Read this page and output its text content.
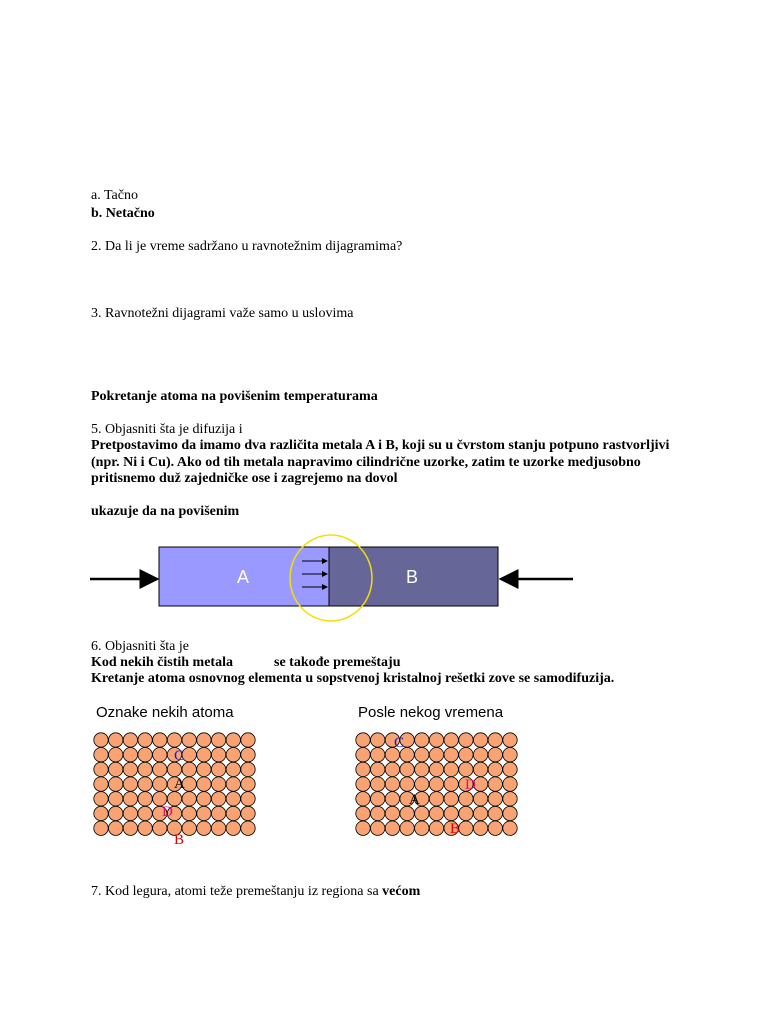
a. Tačno
b. Netačno
2. Da li je vreme sadržano u ravnotežnim dijagramima?
3. Ravnotežni dijagrami važe samo u uslovima
Pokretanje atoma na povišenim temperaturama
5. Objasniti šta je difuzija i
Pretpostavimo da imamo dva različita metala A i B, koji su u čvrstom stanju potpuno rastvorljivi
(npr. Ni i Cu). Ako od tih metala napravimo cilindrične uzorke, zatim te uzorke medjusobno
pritisnemo duž zajedničke ose i zagrejemo na dovol
ukazuje da na povišenim
A	B
6. Objasniti šta je
Kod nekih čistih metala	se takođe premeštaju
Kretanje atoma osnovnog elementa u sopstvenoj kristalnoj rešetki zove se samodifuzija.
Oznake nekih atoma	Posle nekog vremena
C
A
D
B
C
A
D
B
7. Kod legura, atomi teže premeštanju iz regiona sa većom
